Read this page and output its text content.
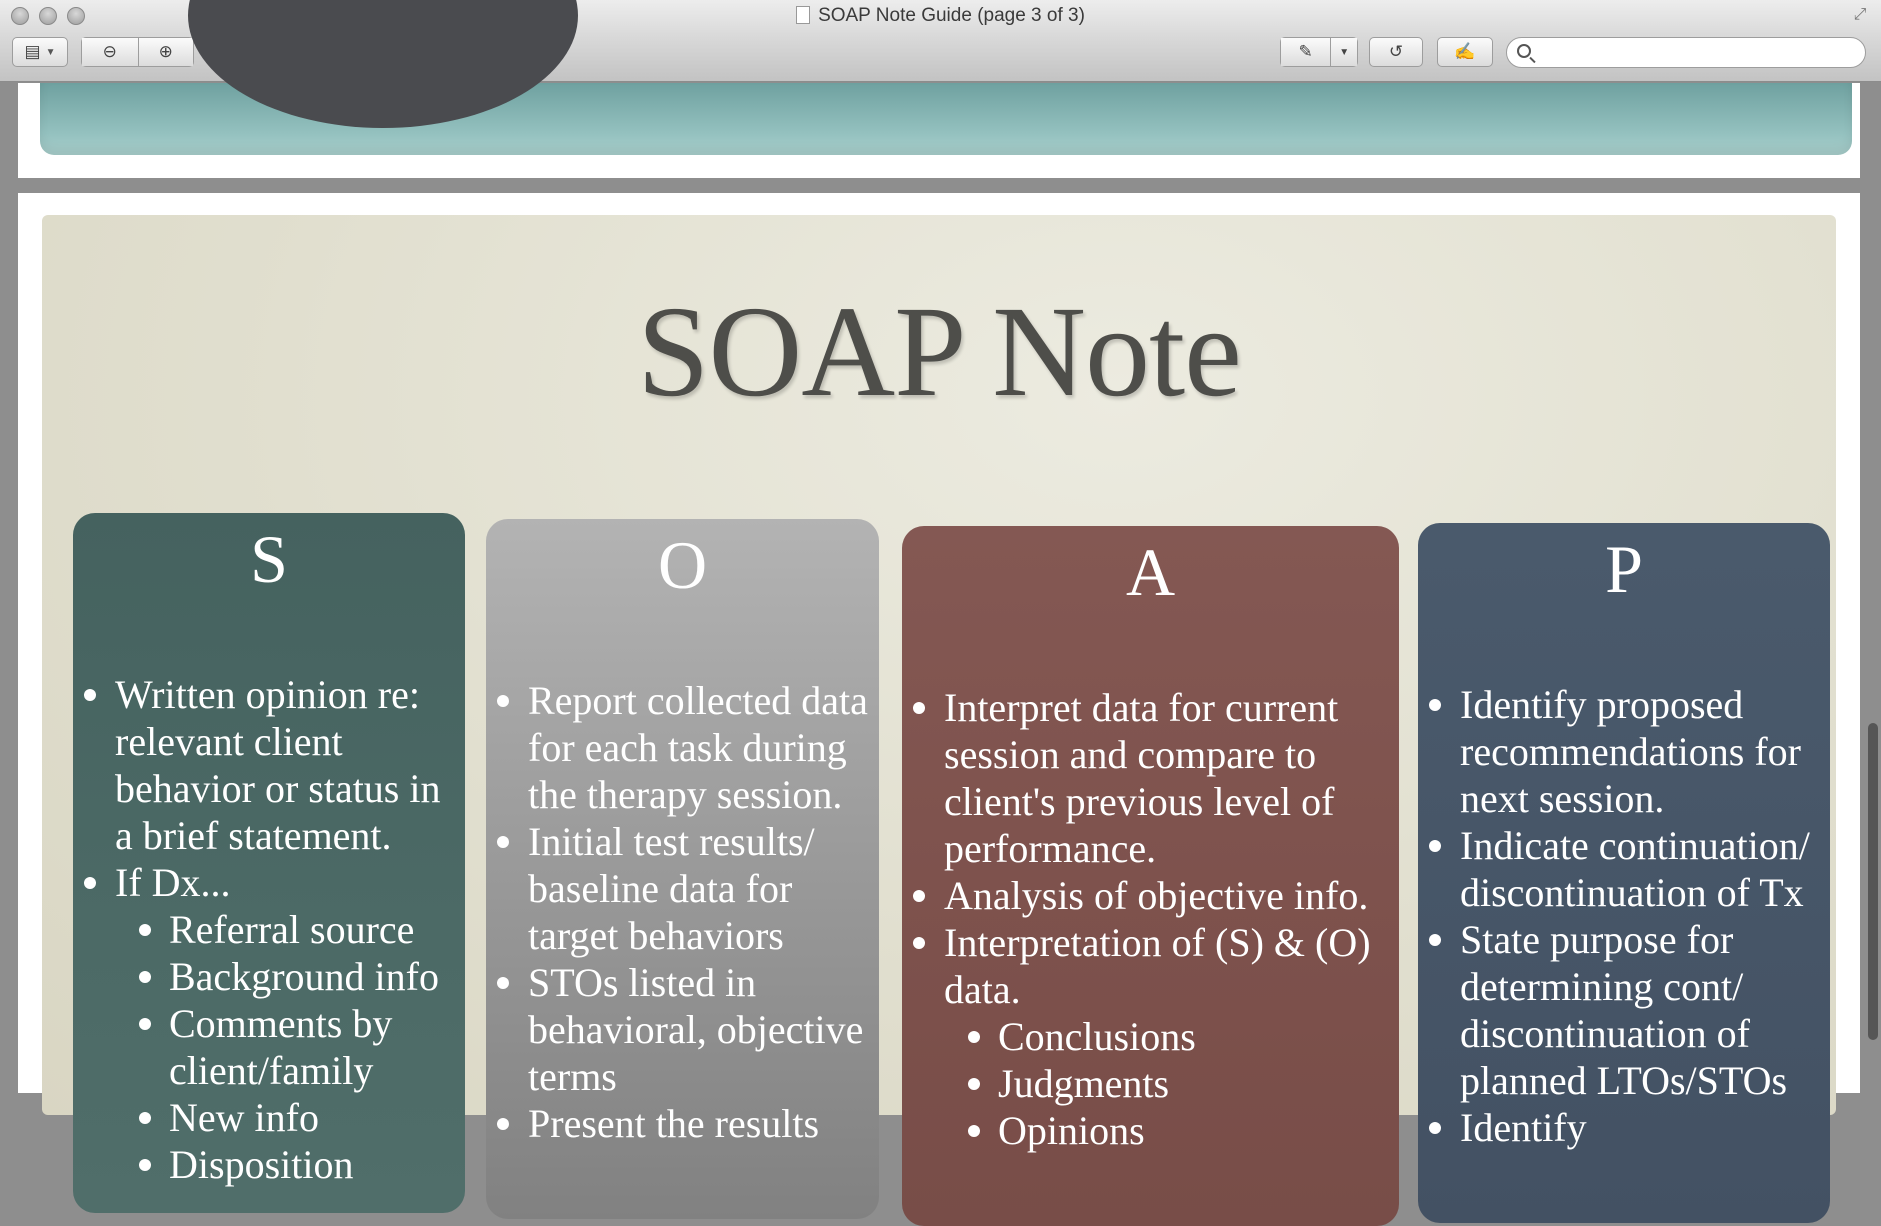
SOAP Note Guide (page 3 of 3)	⤢
▤ ▼	⊖ ⊕	✎	▼ ↺	✍
SOAP Note
S
Written opinion re: relevant client behavior or status in a brief statement.
If Dx...
Referral source
Background info
Comments by client/family
New info
Disposition
O
Report collected data for each task during the therapy session.
Initial test results/ baseline data for target behaviors
STOs listed in behavioral, objective terms
Present the results
A
Interpret data for current session and compare to client's previous level of performance.
Analysis of objective info.
Interpretation of (S) & (O) data.
Conclusions
Judgments
Opinions
P
Identify proposed recommendations for next session.
Indicate continuation/ discontinuation of Tx
State purpose for determining cont/ discontinuation of planned LTOs/STOs
Identify
